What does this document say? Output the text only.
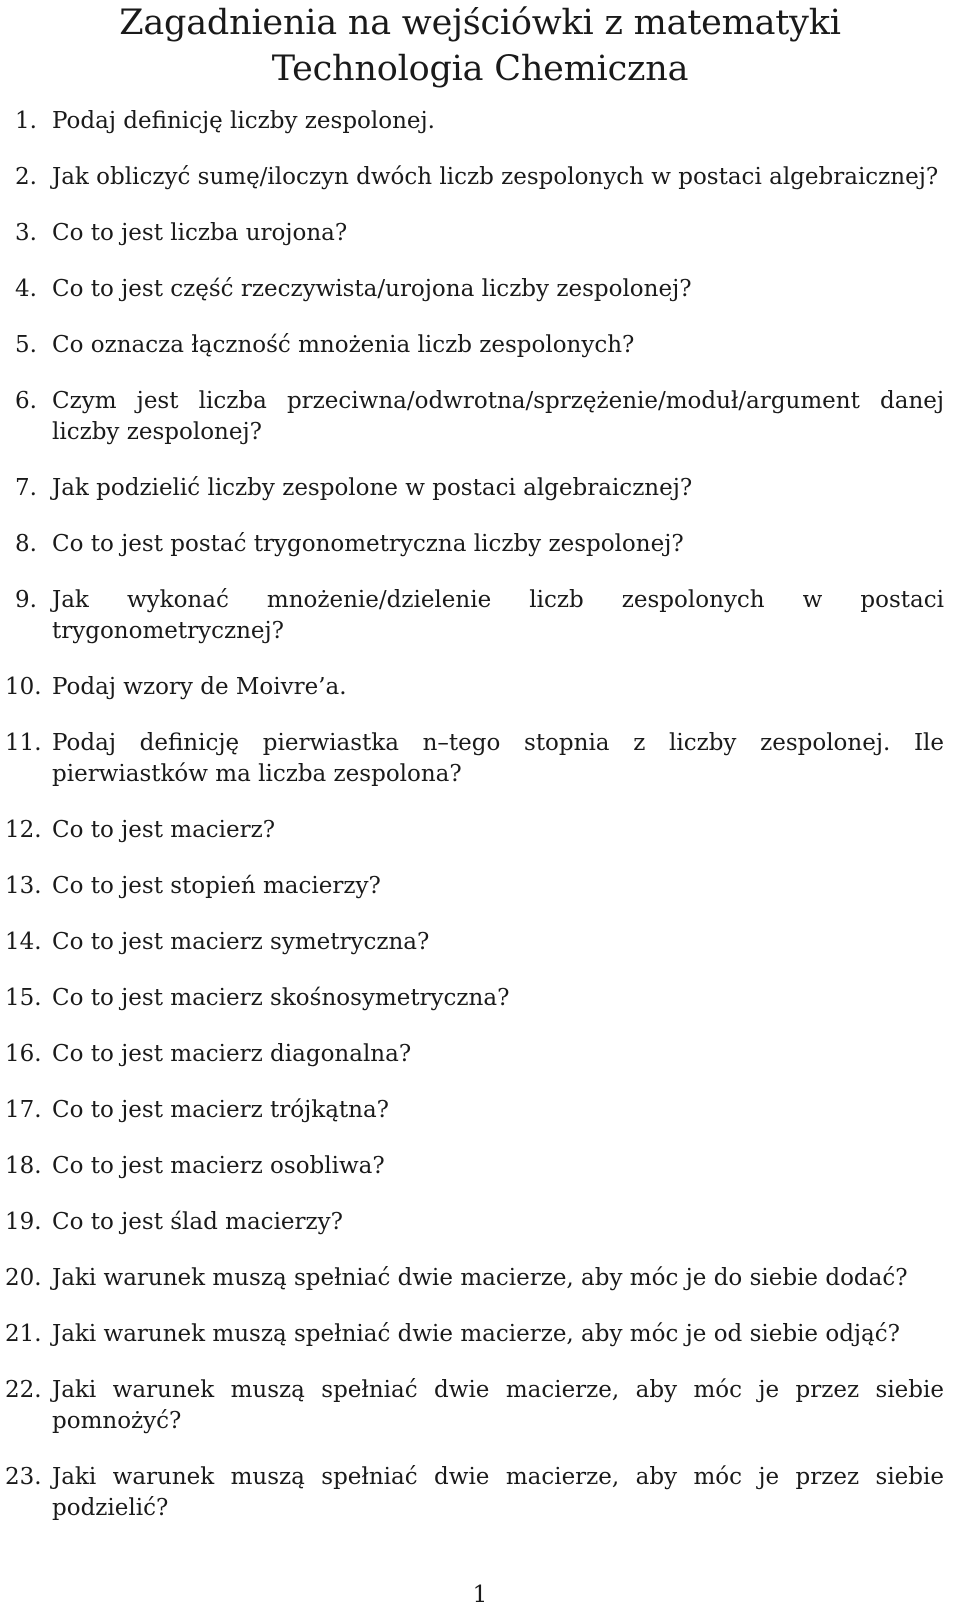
Zagadnienia na wejściówki z matematyki
Technologia Chemiczna
1. Podaj definicję liczby zespolonej.
2. Jak obliczyć sumę/iloczyn dwóch liczb zespolonych w postaci algebraicznej?
3. Co to jest liczba urojona?
4. Co to jest część rzeczywista/urojona liczby zespolonej?
5. Co oznacza łączność mnożenia liczb zespolonych?
6. Czym jest liczba przeciwna/odwrotna/sprzężenie/moduł/argument danej liczby zespolonej?
7. Jak podzielić liczby zespolone w postaci algebraicznej?
8. Co to jest postać trygonometryczna liczby zespolonej?
9. Jak wykonać mnożenie/dzielenie liczb zespolonych w postaci trygonometrycznej?
10. Podaj wzory de Moivre’a.
11. Podaj definicję pierwiastka n–tego stopnia z liczby zespolonej. Ile pierwiastków ma liczba zespolona?
12. Co to jest macierz?
13. Co to jest stopień macierzy?
14. Co to jest macierz symetryczna?
15. Co to jest macierz skośnosymetryczna?
16. Co to jest macierz diagonalna?
17. Co to jest macierz trójkątna?
18. Co to jest macierz osobliwa?
19. Co to jest ślad macierzy?
20. Jaki warunek muszą spełniać dwie macierze, aby móc je do siebie dodać?
21. Jaki warunek muszą spełniać dwie macierze, aby móc je od siebie odjąć?
22. Jaki warunek muszą spełniać dwie macierze, aby móc je przez siebie pomnożyć?
23. Jaki warunek muszą spełniać dwie macierze, aby móc je przez siebie podzielić?
1
